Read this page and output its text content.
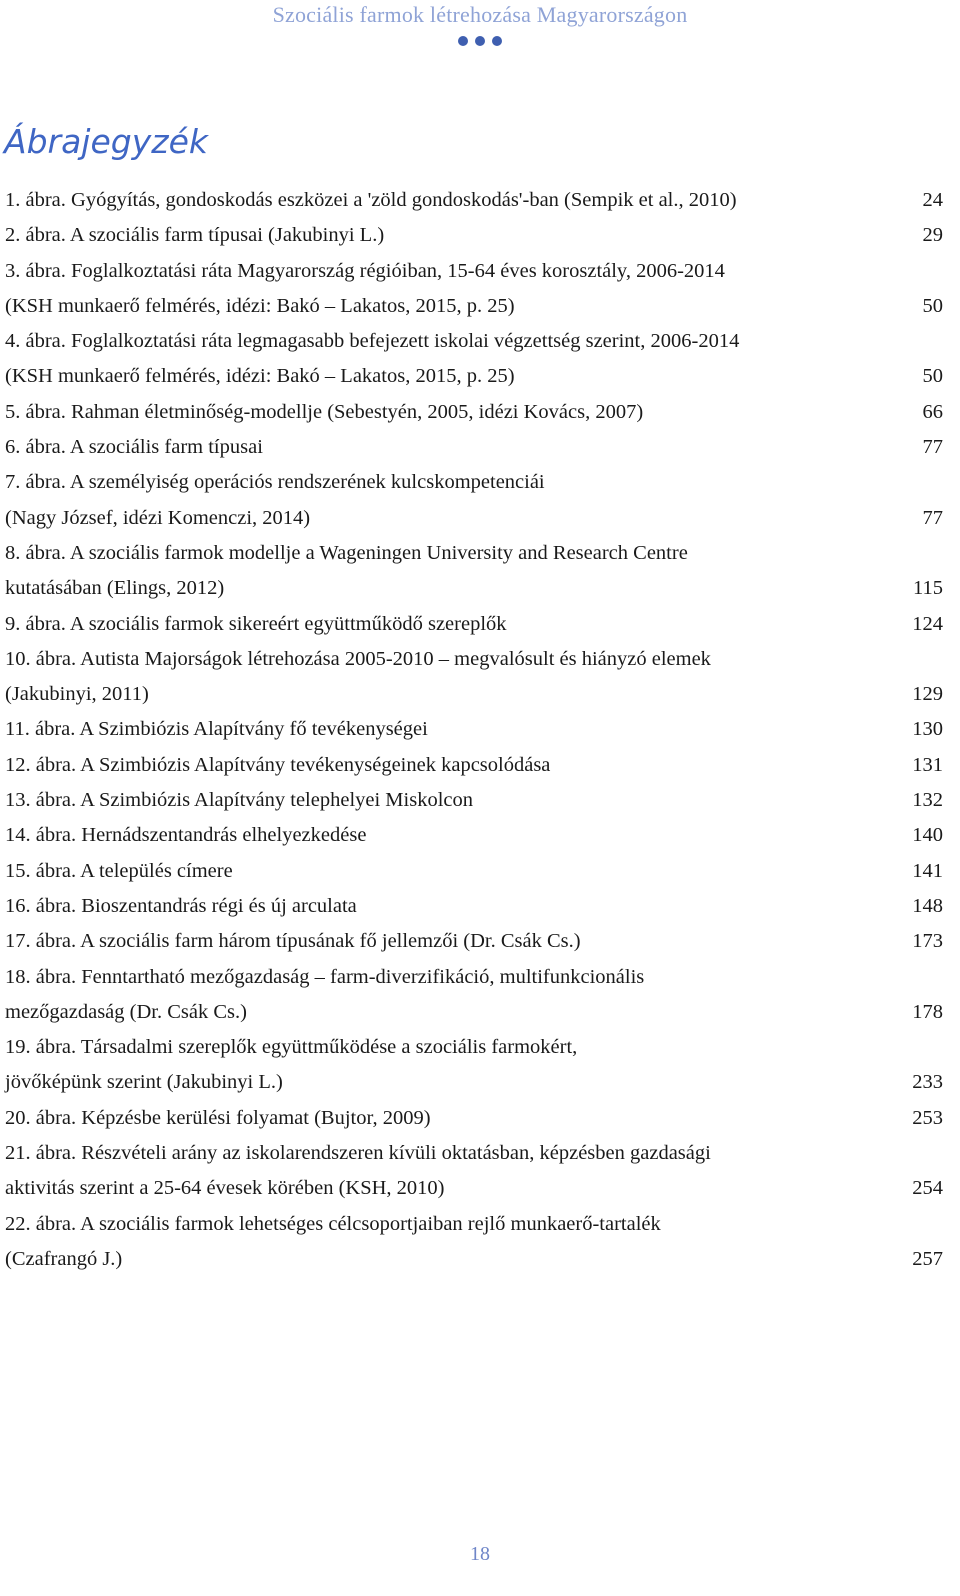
Szociális farmok létrehozása Magyarországon
Ábrajegyzék
1. ábra. Gyógyítás, gondoskodás eszközei a 'zöld gondoskodás'-ban (Sempik et al., 2010)	24
2. ábra. A szociális farm típusai (Jakubinyi L.)	29
3. ábra. Foglalkoztatási ráta Magyarország régióiban, 15-64 éves korosztály, 2006-2014
(KSH munkaerő felmérés, idézi: Bakó – Lakatos, 2015, p. 25)	50
4. ábra. Foglalkoztatási ráta legmagasabb befejezett iskolai végzettség szerint, 2006-2014
(KSH munkaerő felmérés, idézi: Bakó – Lakatos, 2015, p. 25)	50
5. ábra. Rahman életminőség-modellje (Sebestyén, 2005, idézi Kovács, 2007)	66
6. ábra. A szociális farm típusai	77
7. ábra. A személyiség operációs rendszerének kulcskompetenciái
(Nagy József, idézi Komenczi, 2014)	77
8. ábra. A szociális farmok modellje a Wageningen University and Research Centre
kutatásában (Elings, 2012)	115
9. ábra. A szociális farmok sikereért együttműködő szereplők	124
10. ábra. Autista Majorságok létrehozása 2005-2010 – megvalósult és hiányzó elemek
(Jakubinyi, 2011)	129
11. ábra. A Szimbiózis Alapítvány fő tevékenységei	130
12. ábra. A Szimbiózis Alapítvány tevékenységeinek kapcsolódása	131
13. ábra. A Szimbiózis Alapítvány telephelyei Miskolcon	132
14. ábra. Hernádszentandrás elhelyezkedése	140
15. ábra. A település címere	141
16. ábra. Bioszentandrás régi és új arculata	148
17. ábra. A szociális farm három típusának fő jellemzői (Dr. Csák Cs.)	173
18. ábra. Fenntartható mezőgazdaság – farm-diverzifikáció, multifunkcionális
mezőgazdaság (Dr. Csák Cs.)	178
19. ábra. Társadalmi szereplők együttműködése a szociális farmokért,
jövőképünk szerint (Jakubinyi L.)	233
20. ábra. Képzésbe kerülési folyamat (Bujtor, 2009)	253
21. ábra. Részvételi arány az iskolarendszeren kívüli oktatásban, képzésben gazdasági
aktivitás szerint a 25-64 évesek körében (KSH, 2010)	254
22. ábra. A szociális farmok lehetséges célcsoportjaiban rejlő munkaerő-tartalék
(Czafrangó J.)	257
18
